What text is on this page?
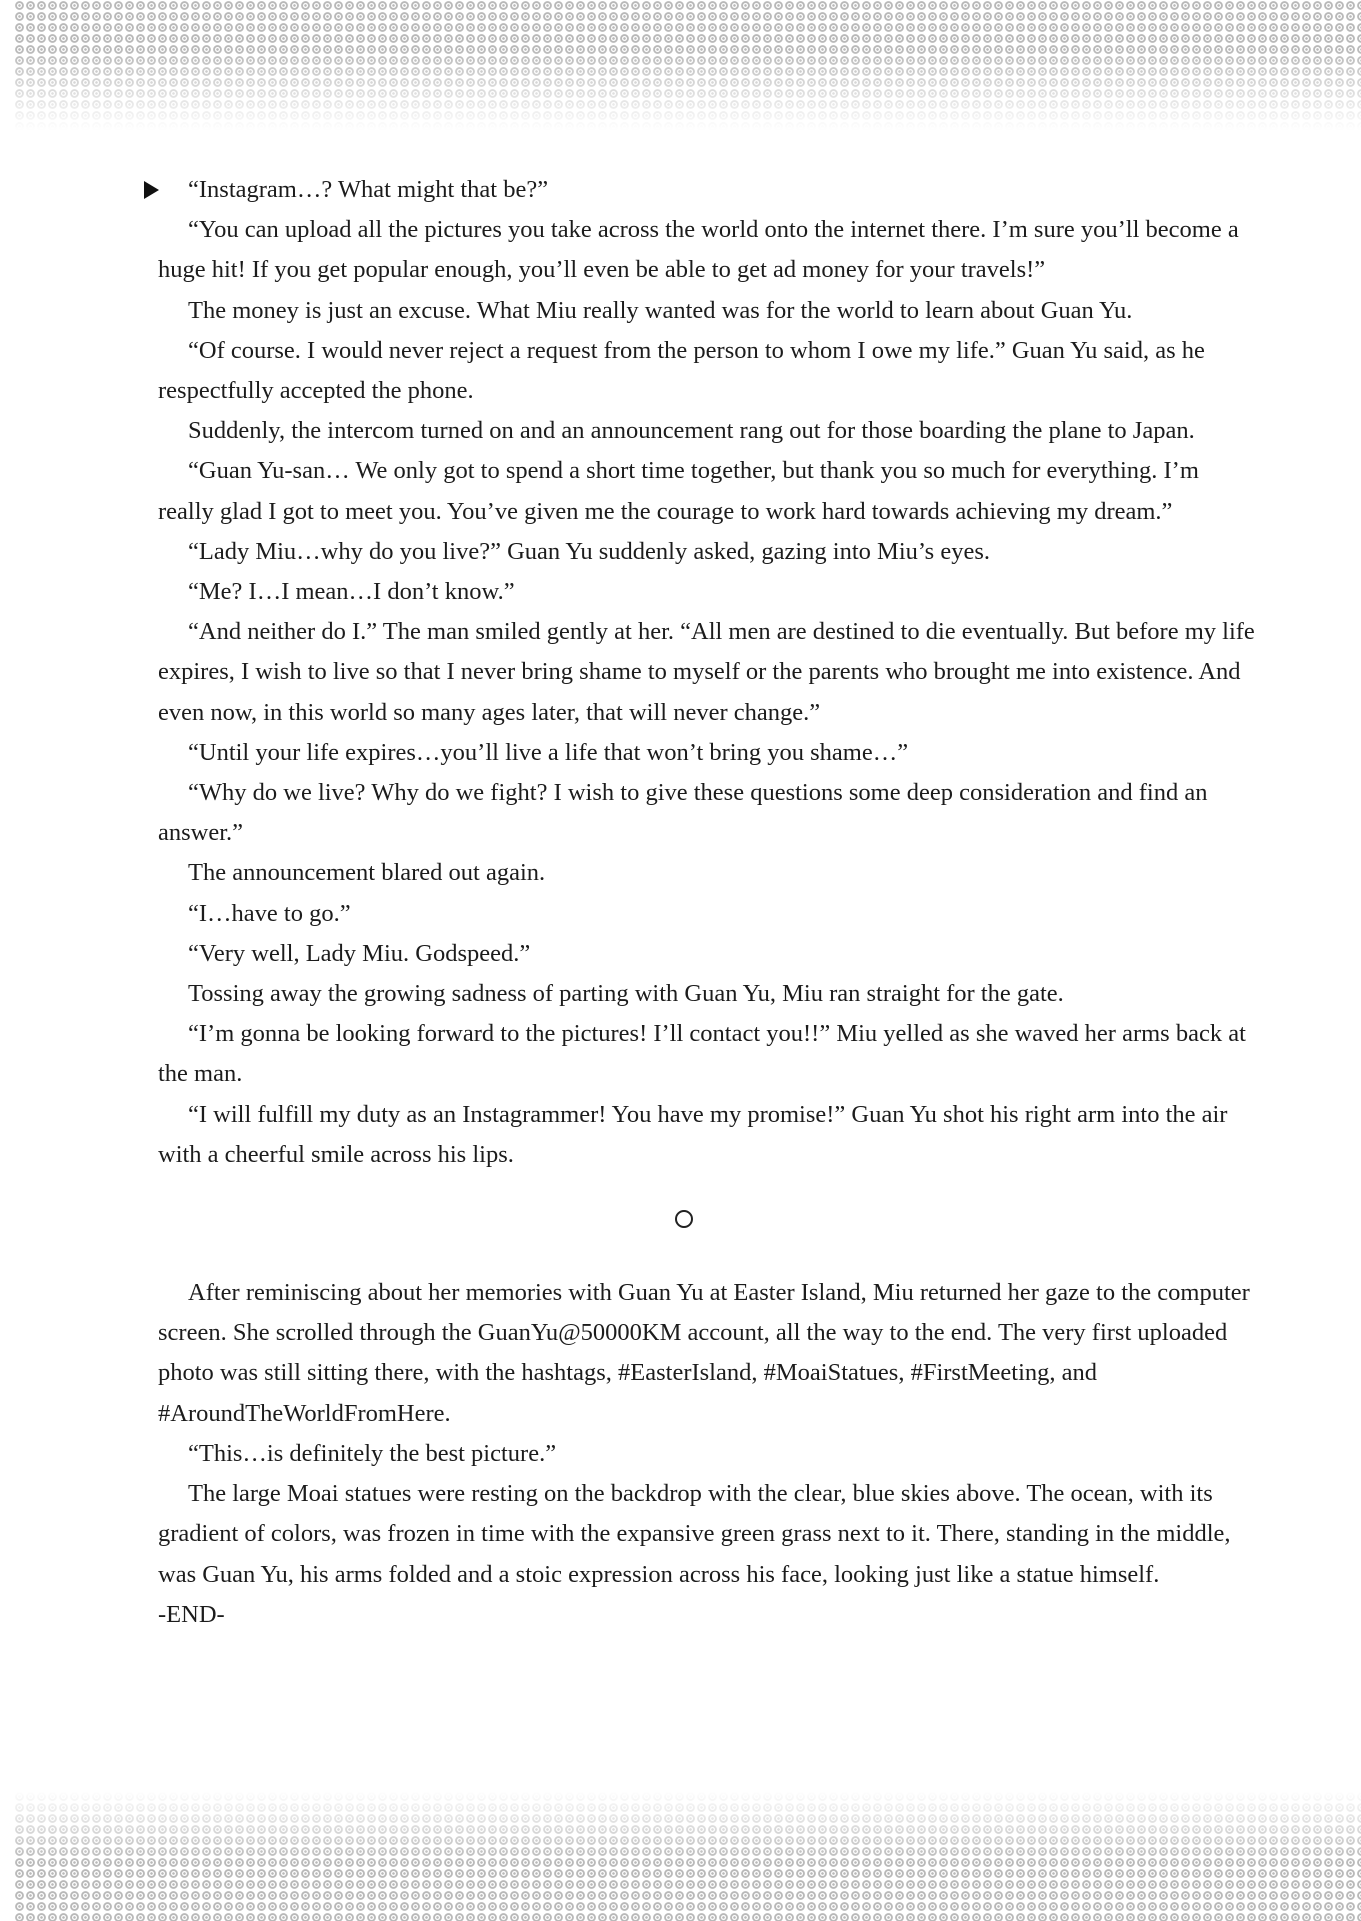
“Instagram…? What might that be?”

“You can upload all the pictures you take across the world onto the internet there. I’m sure you’ll become a huge hit! If you get popular enough, you’ll even be able to get ad money for your travels!”

The money is just an excuse. What Miu really wanted was for the world to learn about Guan Yu.

“Of course. I would never reject a request from the person to whom I owe my life.” Guan Yu said, as he respectfully accepted the phone.

Suddenly, the intercom turned on and an announcement rang out for those boarding the plane to Japan.

“Guan Yu-san… We only got to spend a short time together, but thank you so much for everything. I’m really glad I got to meet you. You’ve given me the courage to work hard towards achieving my dream.”

“Lady Miu…why do you live?” Guan Yu suddenly asked, gazing into Miu’s eyes.

“Me? I…I mean…I don’t know.”

“And neither do I.” The man smiled gently at her. “All men are destined to die eventually. But before my life expires, I wish to live so that I never bring shame to myself or the parents who brought me into existence. And even now, in this world so many ages later, that will never change.”

“Until your life expires…you’ll live a life that won’t bring you shame…”

“Why do we live? Why do we fight? I wish to give these questions some deep consideration and find an answer.”

The announcement blared out again.

“I…have to go.”

“Very well, Lady Miu. Godspeed.”

Tossing away the growing sadness of parting with Guan Yu, Miu ran straight for the gate.

“I’m gonna be looking forward to the pictures! I’ll contact you!!” Miu yelled as she waved her arms back at the man.

“I will fulfill my duty as an Instagrammer! You have my promise!” Guan Yu shot his right arm into the air with a cheerful smile across his lips.

After reminiscing about her memories with Guan Yu at Easter Island, Miu returned her gaze to the computer screen. She scrolled through the GuanYu@50000KM account, all the way to the end. The very first uploaded photo was still sitting there, with the hashtags, #EasterIsland, #MoaiStatues, #FirstMeeting, and #AroundTheWorldFromHere.

“This…is definitely the best picture.”

The large Moai statues were resting on the backdrop with the clear, blue skies above. The ocean, with its gradient of colors, was frozen in time with the expansive green grass next to it. There, standing in the middle, was Guan Yu, his arms folded and a stoic expression across his face, looking just like a statue himself.

-END-
